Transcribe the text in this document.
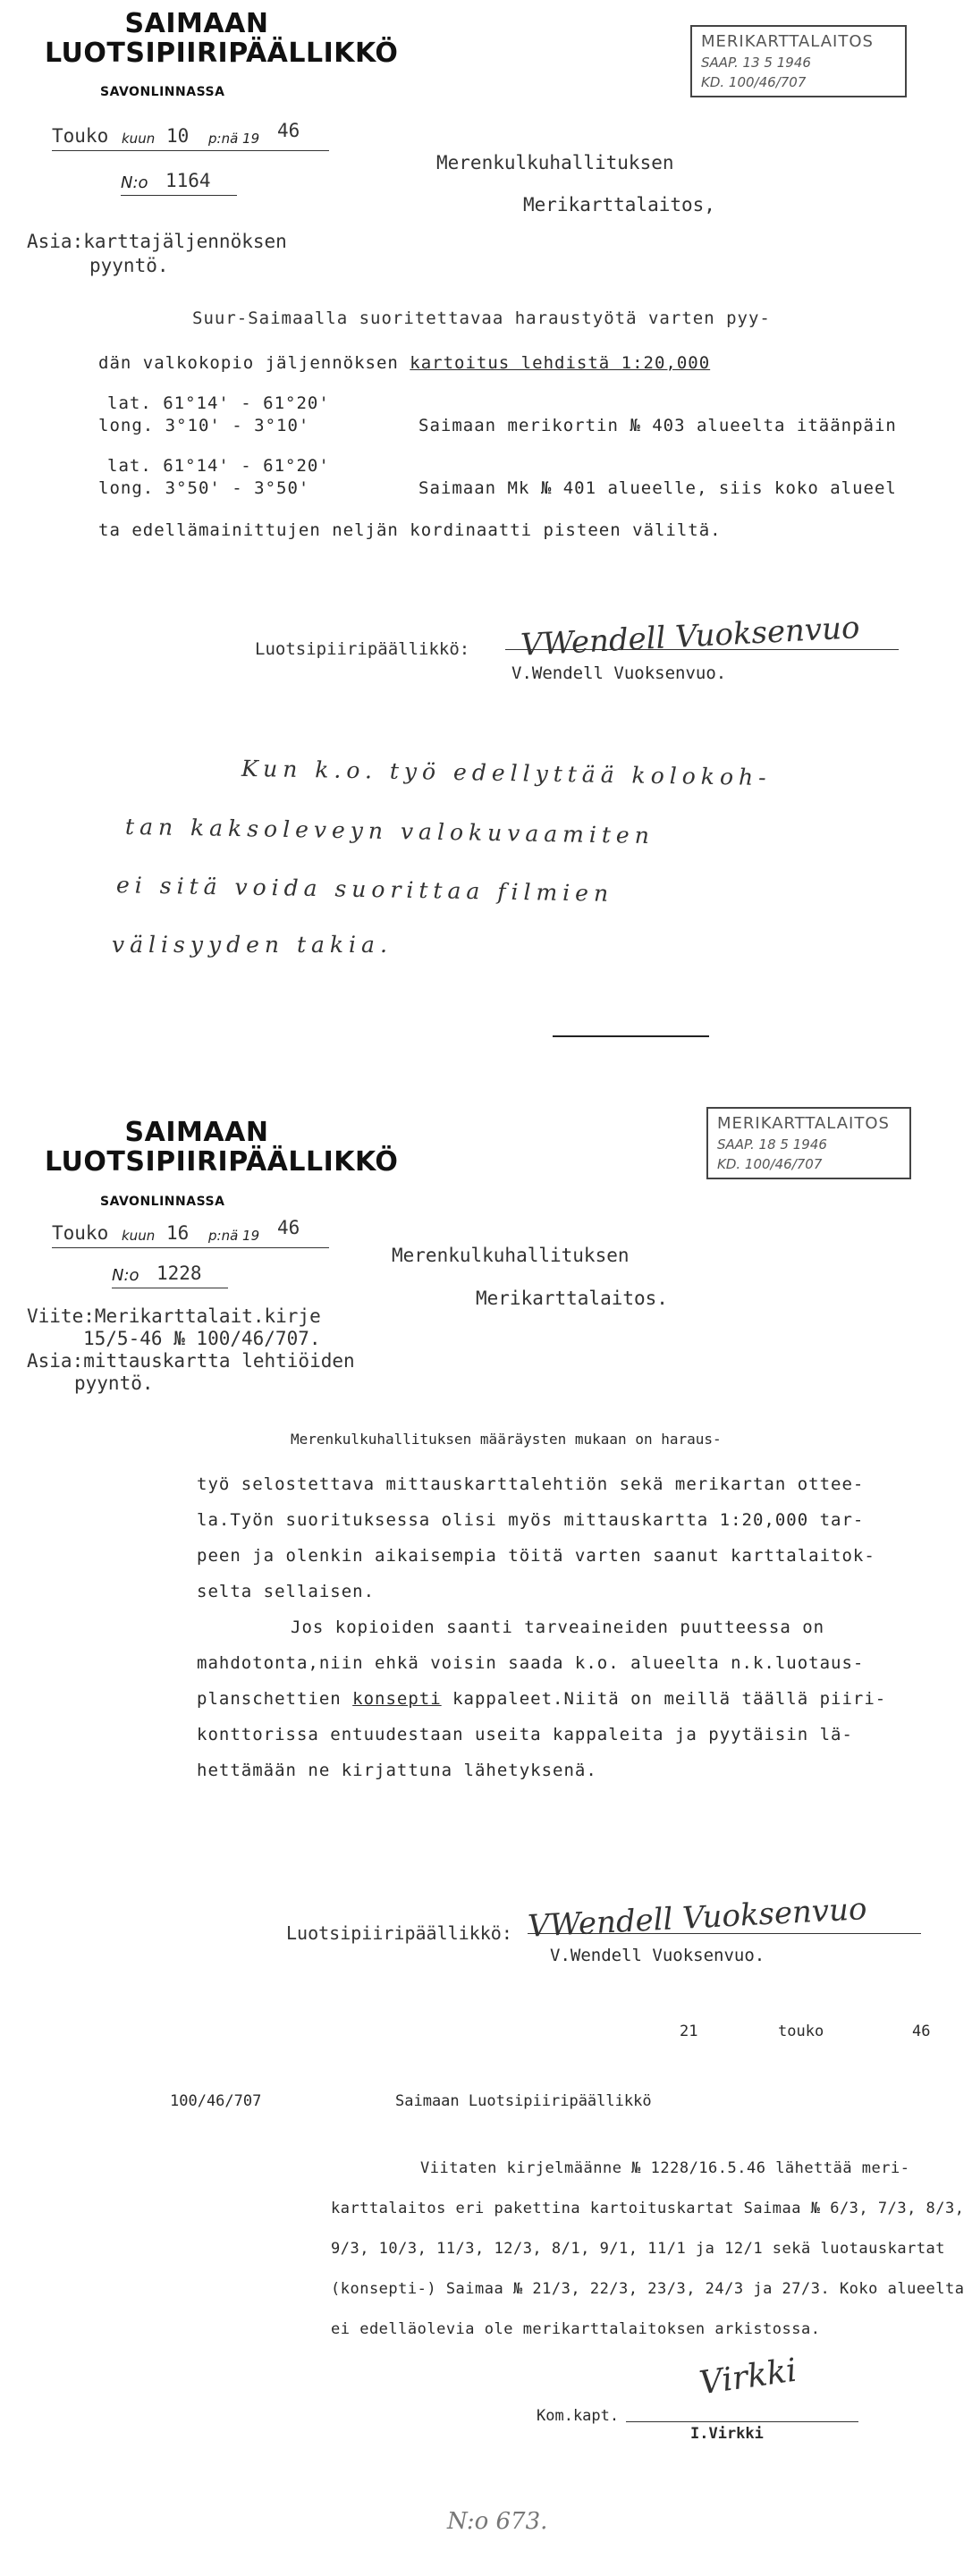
SAIMAAN
LUOTSIPIIRIPÄÄLLIKKÖ
SAVONLINNASSA
Touko kuun 10 p:nä 19 46
N:o 1164
MERIKARTTALAITOS
SAAP. 13 5 1946
KD. 100/46/707
Merenkulkuhallituksen
Merikarttalaitos,
Asia:karttajäljennöksen
pyyntö.
Suur-Saimaalla suoritettavaa haraustyötä varten pyy-
dän valkokopio jäljennöksen kartoitus lehdistä 1:20,000
lat. 61°14' - 61°20'
long. 3°10' - 3°10'	Saimaan merikortin № 403 alueelta itäänpäin
lat. 61°14' - 61°20'
long. 3°50' - 3°50'	Saimaan Mk № 401 alueelle, siis koko alueel
ta edellämainittujen neljän kordinaatti pisteen väliltä.
Luotsipiiripäällikkö: VWendell Vuoksenvuo
V.Wendell Vuoksenvuo.
Kun k.o. työ edellyttää kolokoh-
tan kaksoleveyn valokuvaamiten
ei sitä voida suorittaa filmien
välisyyden takia.
SAIMAAN
LUOTSIPIIRIPÄÄLLIKKÖ
SAVONLINNASSA
Touko kuun 16 p:nä 19 46
N:o 1228
MERIKARTTALAITOS
SAAP. 18 5 1946
KD. 100/46/707
Merenkulkuhallituksen
Merikarttalaitos.
Viite:Merikarttalait.kirje
15/5-46 № 100/46/707.
Asia:mittauskartta lehtiöiden
pyyntö.
Merenkulkuhallituksen määräysten mukaan on haraus-
työ selostettava mittauskarttalehtiön sekä merikartan ottee-
la.Työn suorituksessa olisi myös mittauskartta 1:20,000 tar-
peen ja olenkin aikaisempia töitä varten saanut karttalaitok-
selta sellaisen.
Jos kopioiden saanti tarveaineiden puutteessa on
mahdotonta,niin ehkä voisin saada k.o. alueelta n.k.luotaus-
planschettien konsepti kappaleet.Niitä on meillä täällä piiri-
konttorissa entuudestaan useita kappaleita ja pyytäisin lä-
hettämään ne kirjattuna lähetyksenä.
Luotsipiiripäällikkö: VWendell Vuoksenvuo
V.Wendell Vuoksenvuo.
21	touko	46
100/46/707	Saimaan Luotsipiiripäällikkö
Viitaten kirjelmäänne № 1228/16.5.46 lähettää meri-
karttalaitos eri pakettina kartoituskartat Saimaa № 6/3, 7/3, 8/3,
9/3, 10/3, 11/3, 12/3, 8/1, 9/1, 11/1 ja 12/1 sekä luotauskartat
(konsepti-) Saimaa № 21/3, 22/3, 23/3, 24/3 ja 27/3. Koko alueelta
ei edelläolevia ole merikarttalaitoksen arkistossa.
Virkki
Kom.kapt.
I.Virkki
N:o 673.
